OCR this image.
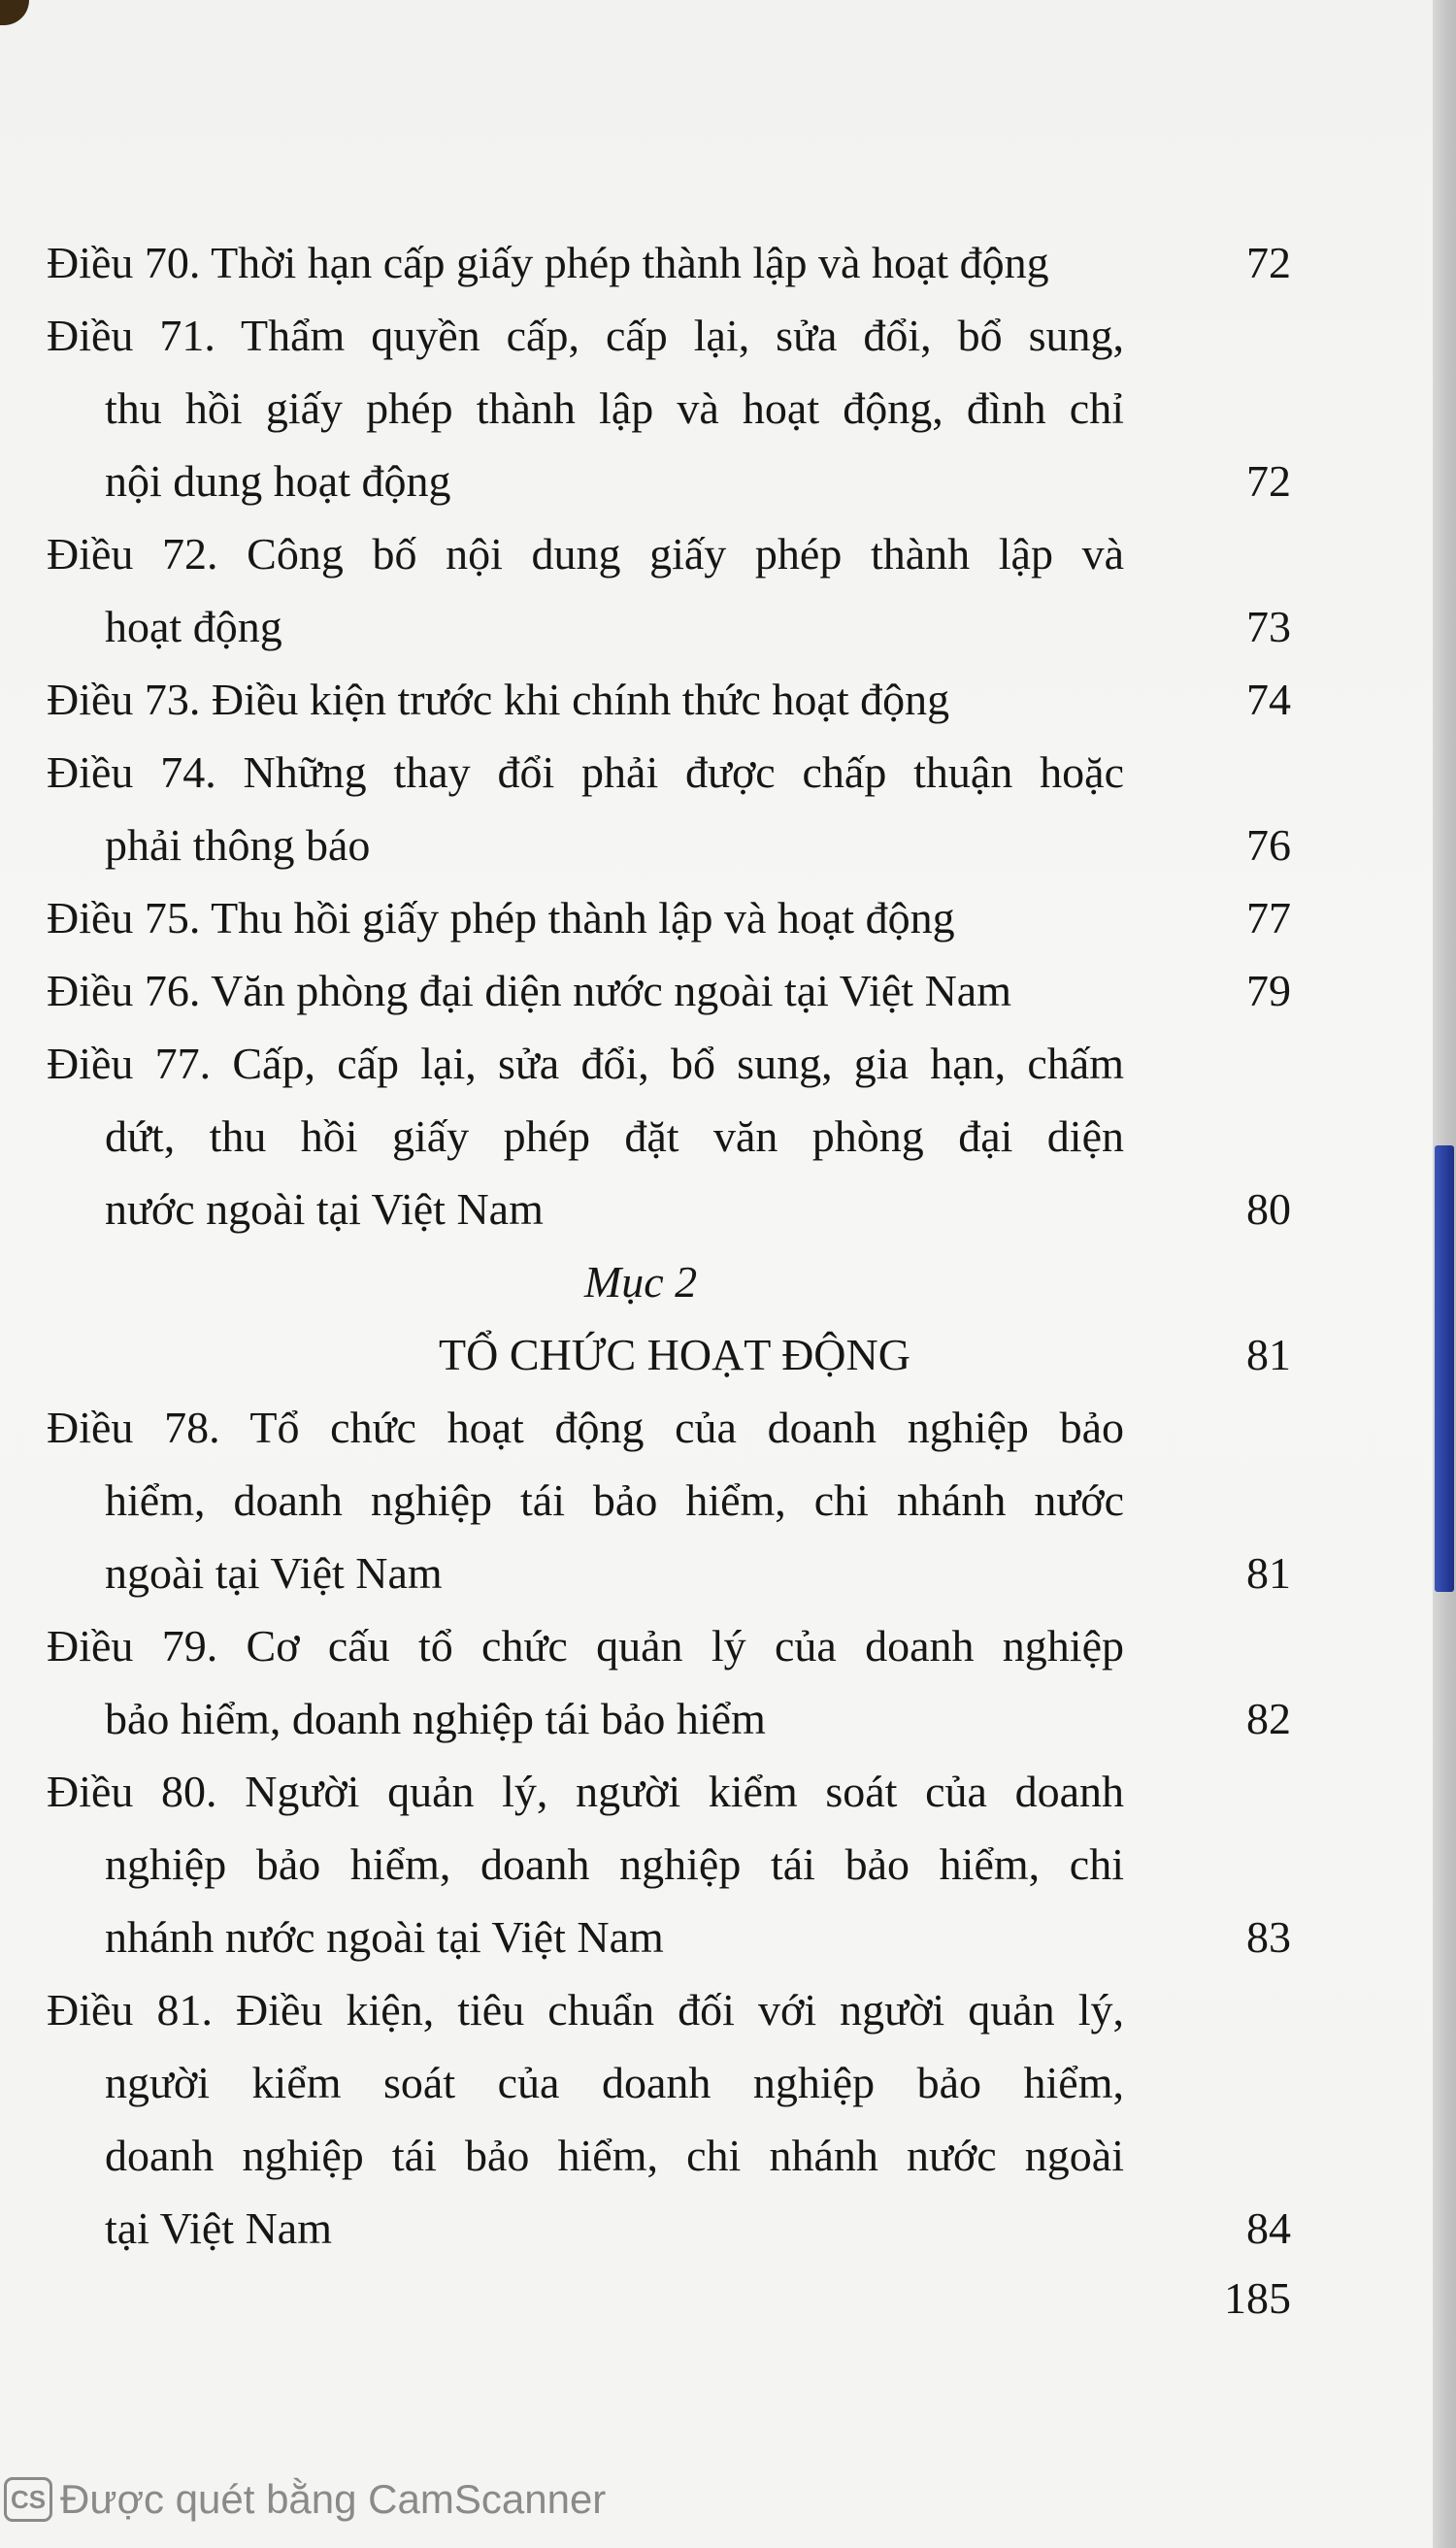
Điều 70. Thời hạn cấp giấy phép thành lập và hoạt động	72
Điều 71. Thẩm quyền cấp, cấp lại, sửa đổi, bổ sung,
thu hồi giấy phép thành lập và hoạt động, đình chỉ
nội dung hoạt động	72
Điều 72. Công bố nội dung giấy phép thành lập và
hoạt động	73
Điều 73. Điều kiện trước khi chính thức hoạt động	74
Điều 74. Những thay đổi phải được chấp thuận hoặc
phải thông báo	76
Điều 75. Thu hồi giấy phép thành lập và hoạt động	77
Điều 76. Văn phòng đại diện nước ngoài tại Việt Nam	79
Điều 77. Cấp, cấp lại, sửa đổi, bổ sung, gia hạn, chấm
dứt, thu hồi giấy phép đặt văn phòng đại diện
nước ngoài tại Việt Nam	80
Mục 2
TỔ CHỨC HOẠT ĐỘNG	81
Điều 78. Tổ chức hoạt động của doanh nghiệp bảo
hiểm, doanh nghiệp tái bảo hiểm, chi nhánh nước
ngoài tại Việt Nam	81
Điều 79. Cơ cấu tổ chức quản lý của doanh nghiệp
bảo hiểm, doanh nghiệp tái bảo hiểm	82
Điều 80. Người quản lý, người kiểm soát của doanh
nghiệp bảo hiểm, doanh nghiệp tái bảo hiểm, chi
nhánh nước ngoài tại Việt Nam	83
Điều 81. Điều kiện, tiêu chuẩn đối với người quản lý,
người kiểm soát của doanh nghiệp bảo hiểm,
doanh nghiệp tái bảo hiểm, chi nhánh nước ngoài
tại Việt Nam	84
185
CS Được quét bằng CamScanner
